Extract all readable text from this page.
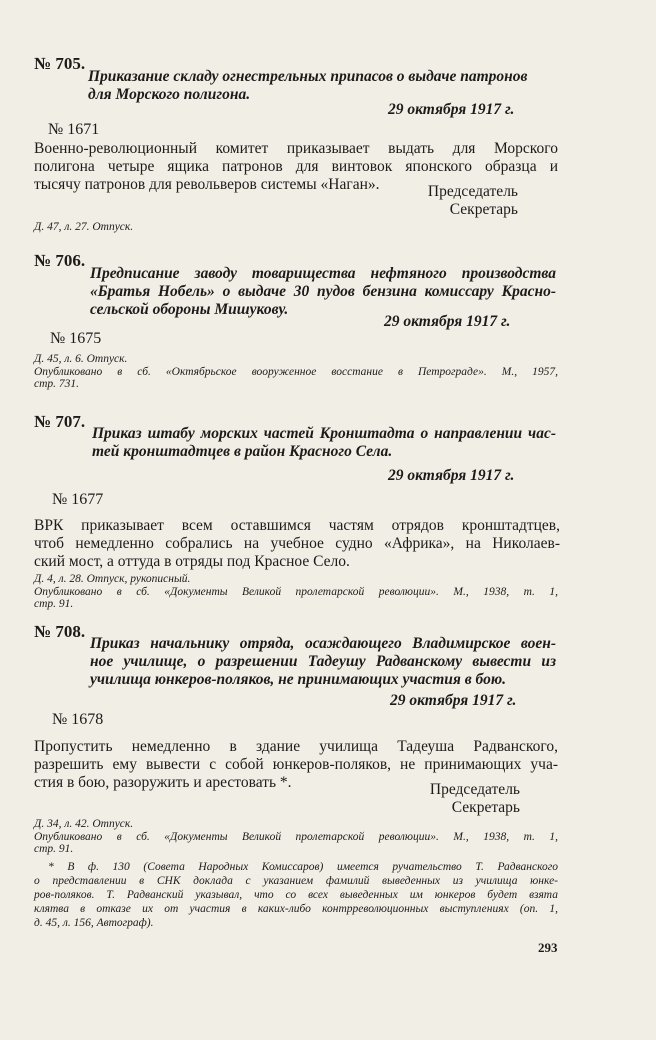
№ 705.
Приказание складу огнестрельных припасов о выдаче патронов
для Морского полигона.
29 октября 1917 г.
№ 1671
Военно-революционный комитет приказывает выдать для Морского
полигона четыре ящика патронов для винтовок японского образца и
тысячу патронов для револьверов системы «Наган».	Председатель
Секретарь
Д. 47, л. 27. Отпуск.
№ 706.
Предписание заводу товарищества нефтяного производства
«Братья Нобель» о выдаче 30 пудов бензина комиссару Красно-
сельской обороны Мишукову.
29 октября 1917 г.
№ 1675
Д. 45, л. 6. Отпуск.
Опубликовано в сб. «Октябрьское вооруженное восстание в Петрограде». М., 1957,
стр. 731.
№ 707.
Приказ штабу морских частей Кронштадта о направлении час-
тей кронштадтцев в район Красного Села.
29 октября 1917 г.
№ 1677
ВРК приказывает всем оставшимся частям отрядов кронштадтцев,
чтоб немедленно собрались на учебное судно «Африка», на Николаев-
ский мост, а оттуда в отряды под Красное Село.
Д. 4, л. 28. Отпуск, рукописный.
Опубликовано в сб. «Документы Великой пролетарской революции». М., 1938, т. 1,
стр. 91.
№ 708.
Приказ начальнику отряда, осаждающего Владимирское воен-
ное училище, о разрешении Тадеушу Радванскому вывести из
училища юнкеров-поляков, не принимающих участия в бою.
29 октября 1917 г.
№ 1678
Пропустить немедленно в здание училища Тадеуша Радванского,
разрешить ему вывести с собой юнкеров-поляков, не принимающих уча-
стия в бою, разоружить и арестовать *.	Председатель
Секретарь
Д. 34, л. 42. Отпуск.
Опубликовано в сб. «Документы Великой пролетарской революции». М., 1938, т. 1,
стр. 91.
* В ф. 130 (Совета Народных Комиссаров) имеется ручательство Т. Радванского
о представлении в СНК доклада с указанием фамилий выведенных из училища юнке-
ров-поляков. Т. Радванский указывал, что со всех выведенных им юнкеров будет взята
клятва в отказе их от участия в каких-либо контрреволюционных выступлениях (оп. 1,
д. 45, л. 156, Автограф).
293
